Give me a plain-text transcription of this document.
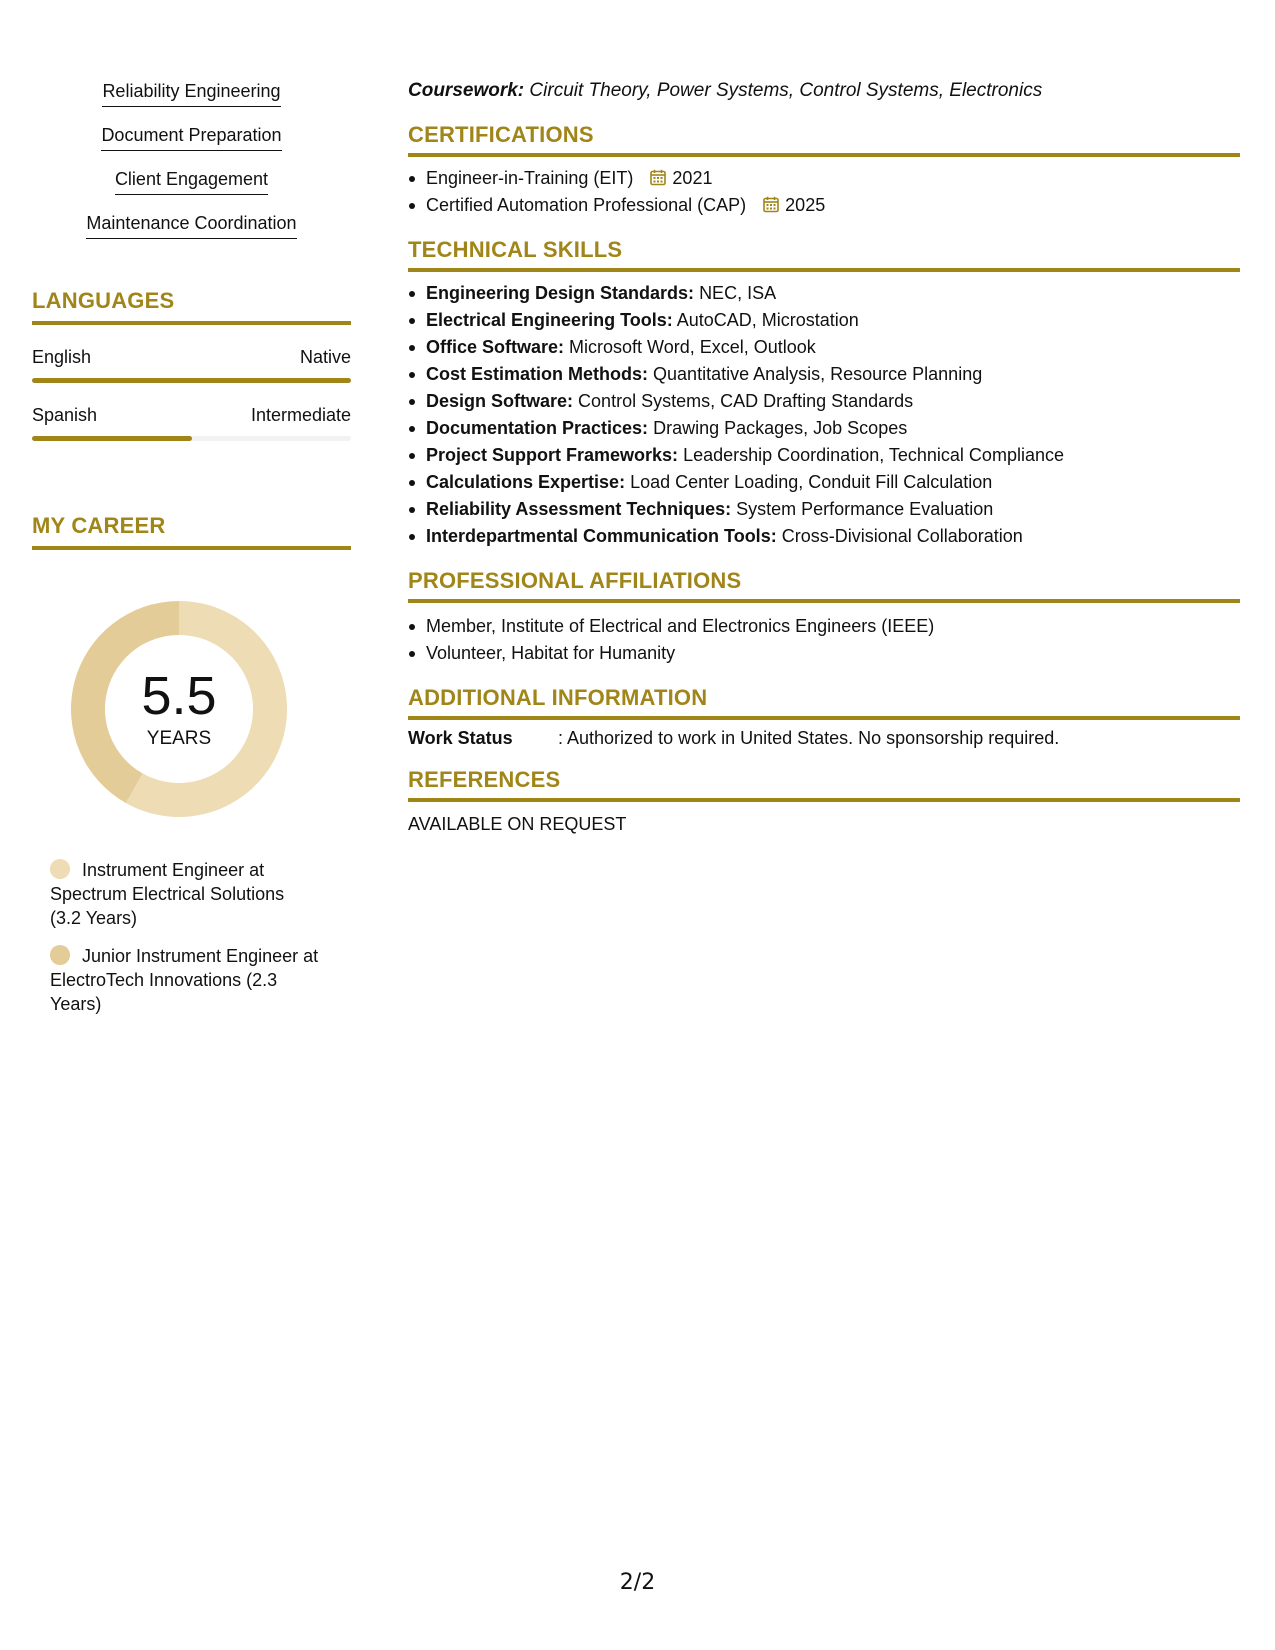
Reliability Engineering
Document Preparation
Client Engagement
Maintenance Coordination
LANGUAGES
English	Native
Spanish	Intermediate
MY CAREER
5.5
YEARS
Instrument Engineer at Spectrum Electrical Solutions (3.2 Years)
Junior Instrument Engineer at ElectroTech Innovations (2.3 Years)
Coursework: Circuit Theory, Power Systems, Control Systems, Electronics
CERTIFICATIONS
Engineer-in-Training (EIT) 2021
Certified Automation Professional (CAP) 2025
TECHNICAL SKILLS
Engineering Design Standards: NEC, ISA
Electrical Engineering Tools: AutoCAD, Microstation
Office Software: Microsoft Word, Excel, Outlook
Cost Estimation Methods: Quantitative Analysis, Resource Planning
Design Software: Control Systems, CAD Drafting Standards
Documentation Practices: Drawing Packages, Job Scopes
Project Support Frameworks: Leadership Coordination, Technical Compliance
Calculations Expertise: Load Center Loading, Conduit Fill Calculation
Reliability Assessment Techniques: System Performance Evaluation
Interdepartmental Communication Tools: Cross-Divisional Collaboration
PROFESSIONAL AFFILIATIONS
Member, Institute of Electrical and Electronics Engineers (IEEE)
Volunteer, Habitat for Humanity
ADDITIONAL INFORMATION
Work Status	: Authorized to work in United States. No sponsorship required.
REFERENCES
AVAILABLE ON REQUEST
2/2
